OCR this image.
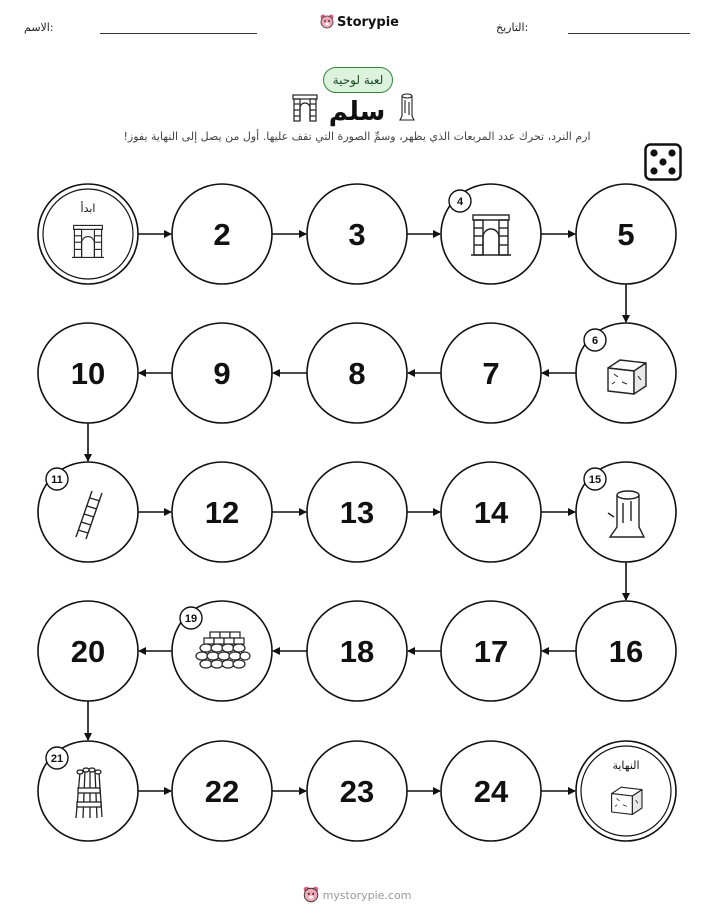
الاسم:	Storypie	التاريخ:
لعبة لوحية
سلم
ارم النرد، تحرك عدد المربعات الذي يظهر، وسمِّ الصورة التي تقف عليها. أول من يصل إلى النهاية يفوز!
ابدأ
2	3
4
5
6
7
8
9
10
11
12	13	14
15
16
17
18
19
20
21
22	23	24
النهاية
mystorypie.com
